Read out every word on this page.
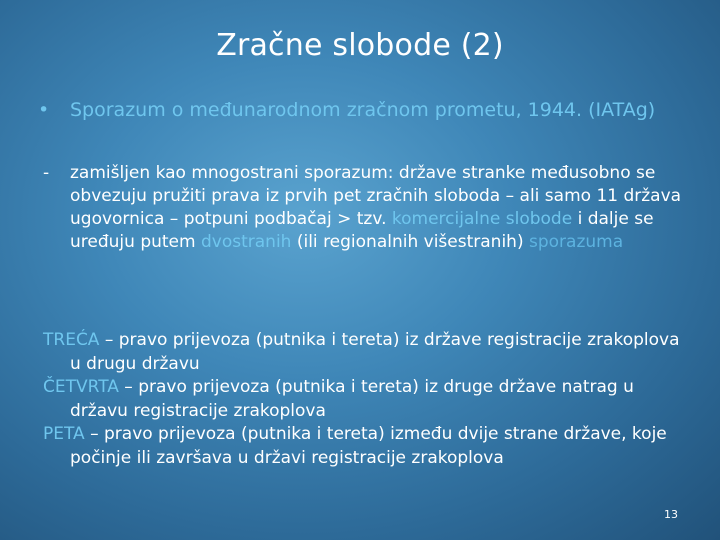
Zračne slobode (2)
•	Sporazum o međunarodnom zračnom prometu, 1944. (IATAg)
-	zamišljen kao mnogostrani sporazum: države stranke međusobno se obvezuju pružiti prava iz prvih pet zračnih sloboda – ali samo 11 država ugovornica – potpuni podbačaj > tzv. komercijalne slobode i dalje se uređuju putem dvostranih (ili regionalnih višestranih) sporazuma
TREĆA – pravo prijevoza (putnika i tereta) iz države registracije zrakoplova u drugu državu
ČETVRTA – pravo prijevoza (putnika i tereta) iz druge države natrag u državu registracije zrakoplova
PETA – pravo prijevoza (putnika i tereta) između dvije strane države, koje počinje ili završava u državi registracije zrakoplova
13
